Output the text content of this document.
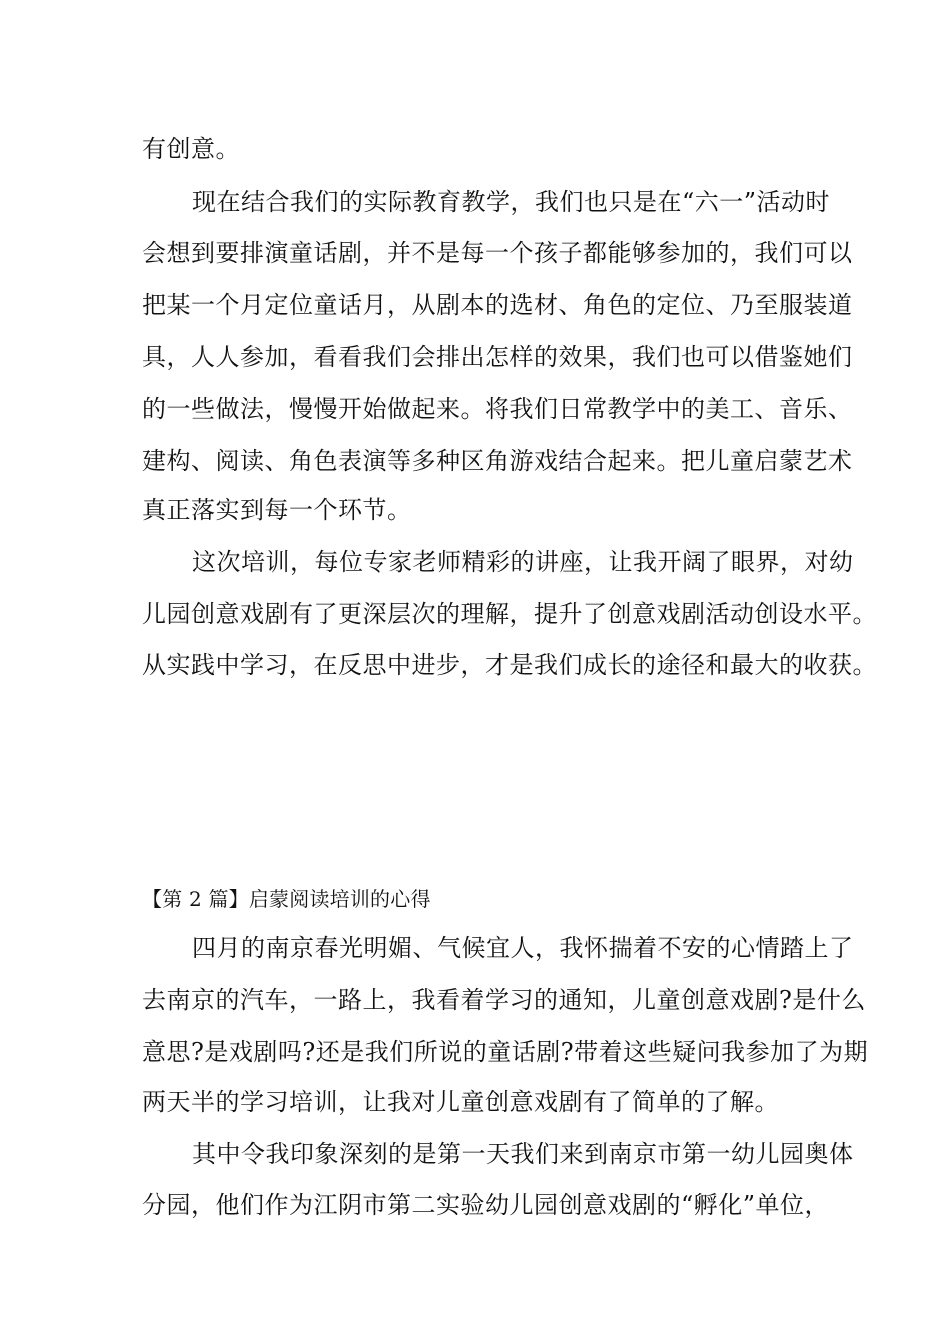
有创意。
现在结合我们的实际教育教学，我们也只是在“六一”活动时
会想到要排演童话剧，并不是每一个孩子都能够参加的，我们可以
把某一个月定位童话月，从剧本的选材、角色的定位、乃至服装道
具，人人参加，看看我们会排出怎样的效果，我们也可以借鉴她们
的一些做法，慢慢开始做起来。将我们日常教学中的美工、音乐、
建构、阅读、角色表演等多种区角游戏结合起来。把儿童启蒙艺术
真正落实到每一个环节。
这次培训，每位专家老师精彩的讲座，让我开阔了眼界，对幼
儿园创意戏剧有了更深层次的理解，提升了创意戏剧活动创设水平。
从实践中学习，在反思中进步，才是我们成长的途径和最大的收获。
【第 2 篇】启蒙阅读培训的心得
四月的南京春光明媚、气候宜人，我怀揣着不安的心情踏上了
去南京的汽车，一路上，我看着学习的通知，儿童创意戏剧?是什么
意思?是戏剧吗?还是我们所说的童话剧?带着这些疑问我参加了为期
两天半的学习培训，让我对儿童创意戏剧有了简单的了解。
其中令我印象深刻的是第一天我们来到南京市第一幼儿园奥体
分园，他们作为江阴市第二实验幼儿园创意戏剧的“孵化”单位，
